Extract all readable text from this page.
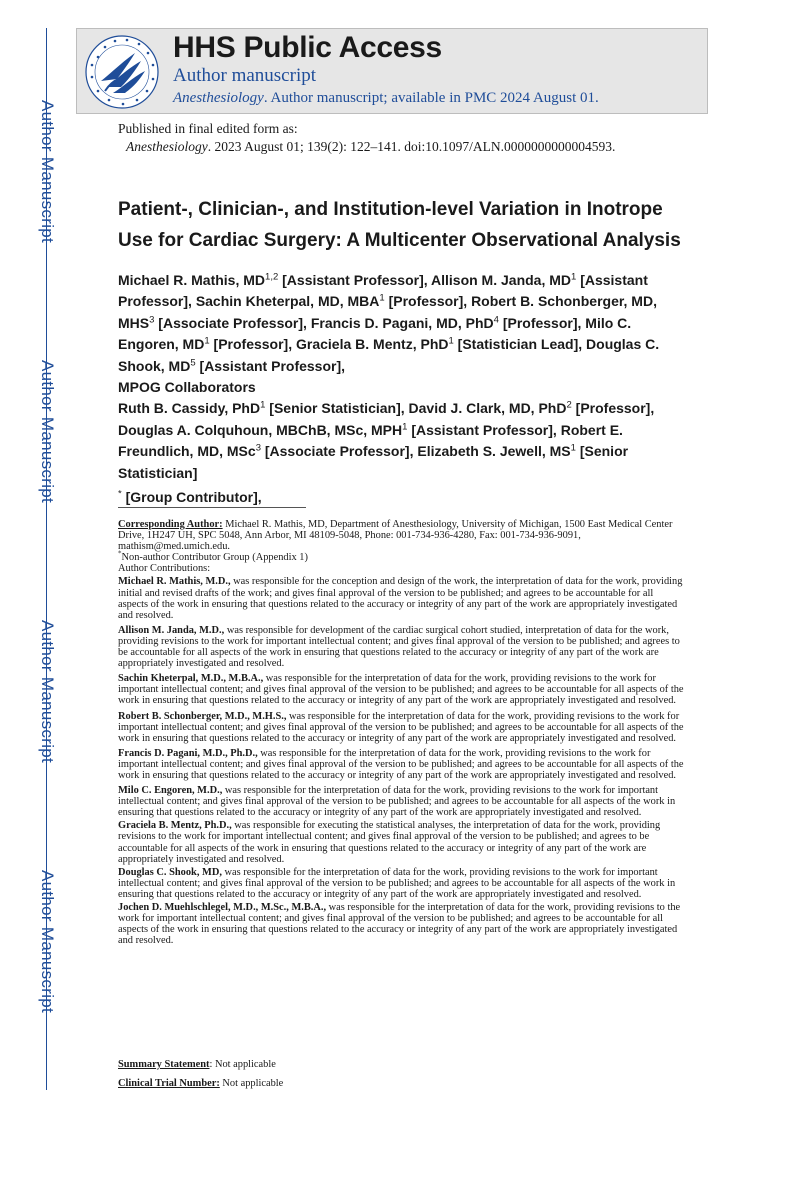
Author Manuscript
Author Manuscript
Author Manuscript
Author Manuscript
HHS Public Access
Author manuscript
Anesthesiology. Author manuscript; available in PMC 2024 August 01.
Published in final edited form as:
Anesthesiology. 2023 August 01; 139(2): 122–141. doi:10.1097/ALN.0000000000004593.
Patient-, Clinician-, and Institution-level Variation in Inotrope Use for Cardiac Surgery: A Multicenter Observational Analysis
Michael R. Mathis, MD$^{1,2}$ [Assistant Professor], Allison M. Janda, $MD^1$ [Assistant Professor], Sachin Kheterpal, MD, MBA$^1$ [Professor], Robert B. Schonberger, MD, MHS$^3$ [Associate Professor], Francis D. Pagani, MD, PhD$^4$ [Professor], Milo C. Engoren, $MD^1$ [Professor], Graciela B. Mentz, PhD$^1$ [Statistician Lead], Douglas C. Shook, $MD^5$ [Assistant Professor],
MPOG Collaborators
Ruth B. Cassidy, PhD$^1$ [Senior Statistician], David J. Clark, MD, PhD$^2$ [Professor], Douglas A. Colquhoun, MBChB, MSc, MPH$^1$ [Assistant Professor], Robert E. Freundlich, MD, MSc$^3$ [Associate Professor], Elizabeth S. Jewell, $MS^1$ [Senior Statistician]
* [Group Contributor],

Corresponding Author: Michael R. Mathis, MD, Department of Anesthesiology, University of Michigan, 1500 East Medical Center Drive, 1H247 UH, SPC 5048, Ann Arbor, MI 48109-5048, Phone: 001-734-936-4280, Fax: 001-734-936-9091, mathism@med.umich.edu.

*Non-author Contributor Group (Appendix 1)

Author Contributions:

Michael R. Mathis, M.D., was responsible for the conception and design of the work, the interpretation of data for the work, providing initial and revised drafts of the work; and gives final approval of the version to be published; and agrees to be accountable for all aspects of the work in ensuring that questions related to the accuracy or integrity of any part of the work are appropriately investigated and resolved.

Allison M. Janda, M.D., was responsible for development of the cardiac surgical cohort studied, interpretation of data for the work, providing revisions to the work for important intellectual content; and gives final approval of the version to be published; and agrees to be accountable for all aspects of the work in ensuring that questions related to the accuracy or integrity of any part of the work are appropriately investigated and resolved.

Sachin Kheterpal, M.D., M.B.A., was responsible for the interpretation of data for the work, providing revisions to the work for important intellectual content; and gives final approval of the version to be published; and agrees to be accountable for all aspects of the work in ensuring that questions related to the accuracy or integrity of any part of the work are appropriately investigated and resolved.

Robert B. Schonberger, M.D., M.H.S., was responsible for the interpretation of data for the work, providing revisions to the work for important intellectual content; and gives final approval of the version to be published; and agrees to be accountable for all aspects of the work in ensuring that questions related to the accuracy or integrity of any part of the work are appropriately investigated and resolved.

Francis D. Pagani, M.D., Ph.D., was responsible for the interpretation of data for the work, providing revisions to the work for important intellectual content; and gives final approval of the version to be published; and agrees to be accountable for all aspects of the work in ensuring that questions related to the accuracy or integrity of any part of the work are appropriately investigated and resolved.

Milo C. Engoren, M.D., was responsible for the interpretation of data for the work, providing revisions to the work for important intellectual content; and gives final approval of the version to be published; and agrees to be accountable for all aspects of the work in ensuring that questions related to the accuracy or integrity of any part of the work are appropriately investigated and resolved.

Graciela B. Mentz, Ph.D., was responsible for executing the statistical analyses, the interpretation of data for the work, providing revisions to the work for important intellectual content; and gives final approval of the version to be published; and agrees to be accountable for all aspects of the work in ensuring that questions related to the accuracy or integrity of any part of the work are appropriately investigated and resolved.

Douglas C. Shook, MD, was responsible for the interpretation of data for the work, providing revisions to the work for important intellectual content; and gives final approval of the version to be published; and agrees to be accountable for all aspects of the work in ensuring that questions related to the accuracy or integrity of any part of the work are appropriately investigated and resolved.

Jochen D. Muehlschlegel, M.D., M.Sc., M.B.A., was responsible for the interpretation of data for the work, providing revisions to the work for important intellectual content; and gives final approval of the version to be published; and agrees to be accountable for all aspects of the work in ensuring that questions related to the accuracy or integrity of any part of the work are appropriately investigated and resolved.

Summary Statement: Not applicable
Clinical Trial Number: Not applicable
